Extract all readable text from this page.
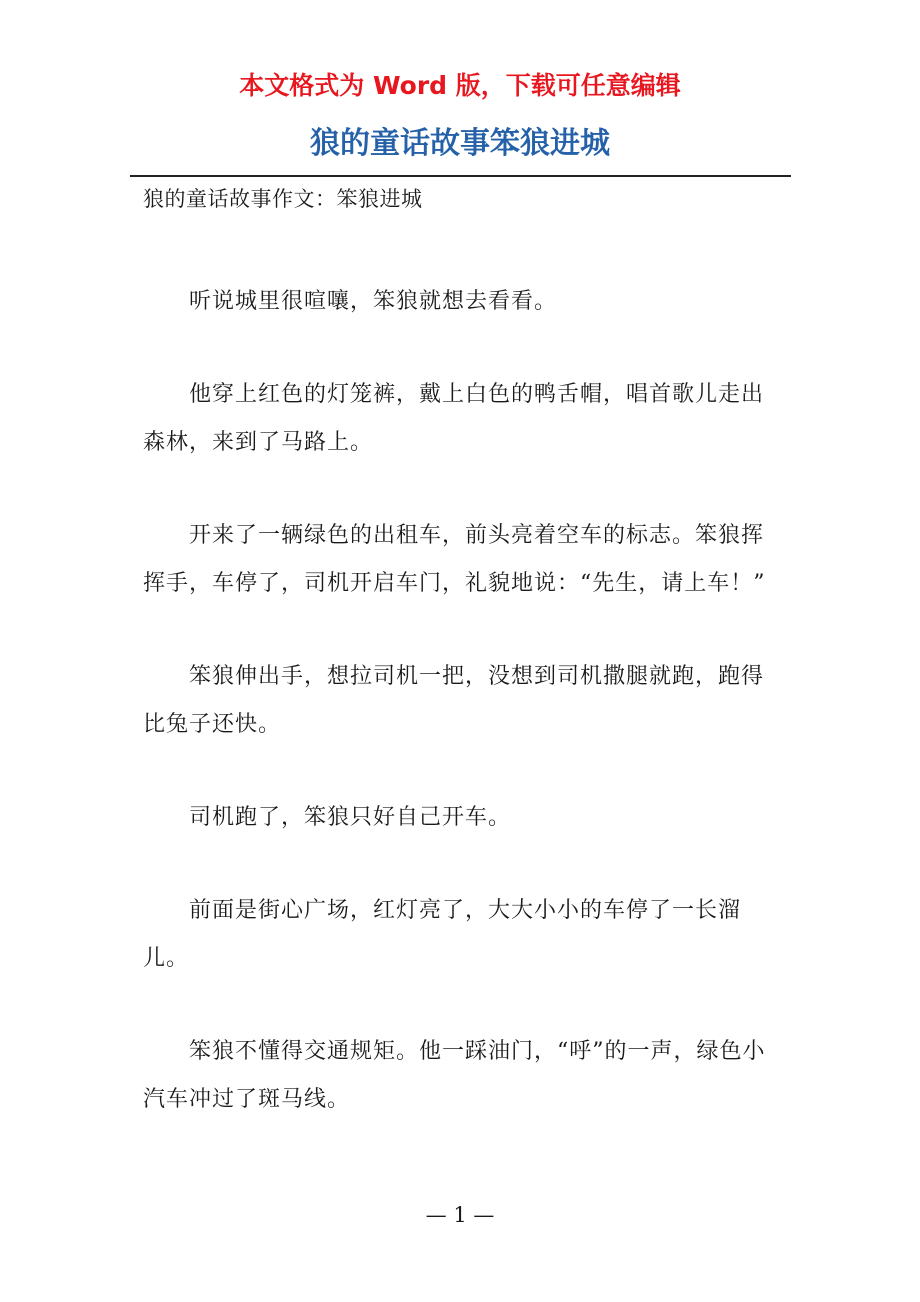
本文格式为 Word 版，下载可任意编辑
狼的童话故事笨狼进城
狼的童话故事作文：笨狼进城

听说城里很喧嚷，笨狼就想去看看。

他穿上红色的灯笼裤，戴上白色的鸭舌帽，唱首歌儿走出森林，来到了马路上。

开来了一辆绿色的出租车，前头亮着空车的标志。笨狼挥挥手，车停了，司机开启车门，礼貌地说：“先生，请上车！”

笨狼伸出手，想拉司机一把，没想到司机撒腿就跑，跑得比兔子还快。

司机跑了，笨狼只好自己开车。

前面是街心广场，红灯亮了，大大小小的车停了一长溜儿。

笨狼不懂得交通规矩。他一踩油门，“呼”的一声，绿色小汽车冲过了斑马线。

— 1 —
